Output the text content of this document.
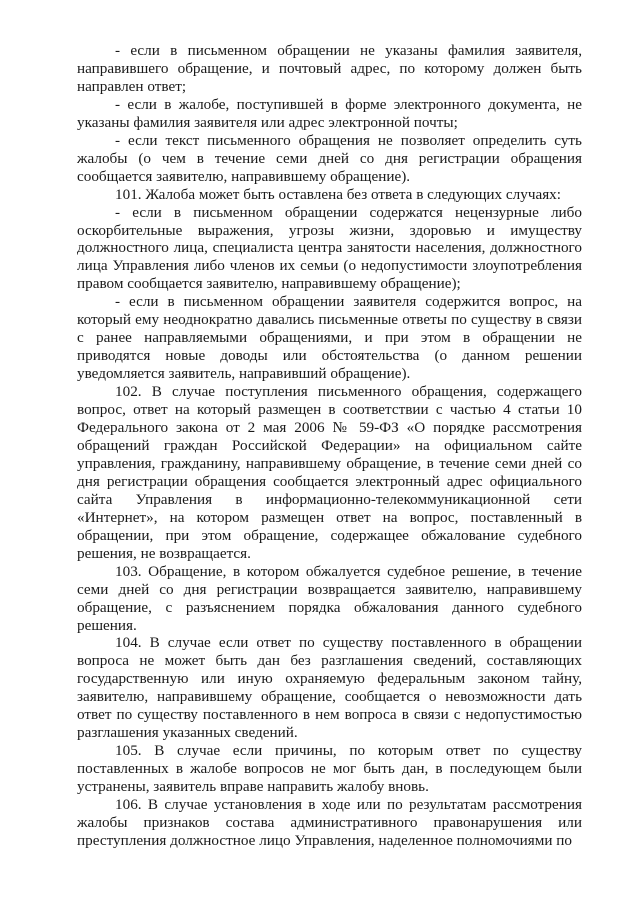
- если в письменном обращении не указаны фамилия заявителя, направившего обращение, и почтовый адрес, по которому должен быть направлен ответ;

- если в жалобе, поступившей в форме электронного документа, не указаны фамилия заявителя или адрес электронной почты;

- если текст письменного обращения не позволяет определить суть жалобы (о чем в течение семи дней со дня регистрации обращения сообщается заявителю, направившему обращение).

101. Жалоба может быть оставлена без ответа в следующих случаях:

- если в письменном обращении содержатся нецензурные либо оскорбительные выражения, угрозы жизни, здоровью и имуществу должностного лица, специалиста центра занятости населения, должностного лица Управления либо членов их семьи (о недопустимости злоупотребления правом сообщается заявителю, направившему обращение);

- если в письменном обращении заявителя содержится вопрос, на который ему неоднократно давались письменные ответы по существу в связи с ранее направляемыми обращениями, и при этом в обращении не приводятся новые доводы или обстоятельства (о данном решении уведомляется заявитель, направивший обращение).

102. В случае поступления письменного обращения, содержащего вопрос, ответ на который размещен в соответствии с частью 4 статьи 10 Федерального закона от 2 мая 2006 № 59-ФЗ «О порядке рассмотрения обращений граждан Российской Федерации» на официальном сайте управления, гражданину, направившему обращение, в течение семи дней со дня регистрации обращения сообщается электронный адрес официального сайта Управления в информационно-телекоммуникационной сети «Интернет», на котором размещен ответ на вопрос, поставленный в обращении, при этом обращение, содержащее обжалование судебного решения, не возвращается.

103. Обращение, в котором обжалуется судебное решение, в течение семи дней со дня регистрации возвращается заявителю, направившему обращение, с разъяснением порядка обжалования данного судебного решения.

104. В случае если ответ по существу поставленного в обращении вопроса не может быть дан без разглашения сведений, составляющих государственную или иную охраняемую федеральным законом тайну, заявителю, направившему обращение, сообщается о невозможности дать ответ по существу поставленного в нем вопроса в связи с недопустимостью разглашения указанных сведений.

105. В случае если причины, по которым ответ по существу поставленных в жалобе вопросов не мог быть дан, в последующем были устранены, заявитель вправе направить жалобу вновь.

106. В случае установления в ходе или по результатам рассмотрения жалобы признаков состава административного правонарушения или преступления должностное лицо Управления, наделенное полномочиями по
